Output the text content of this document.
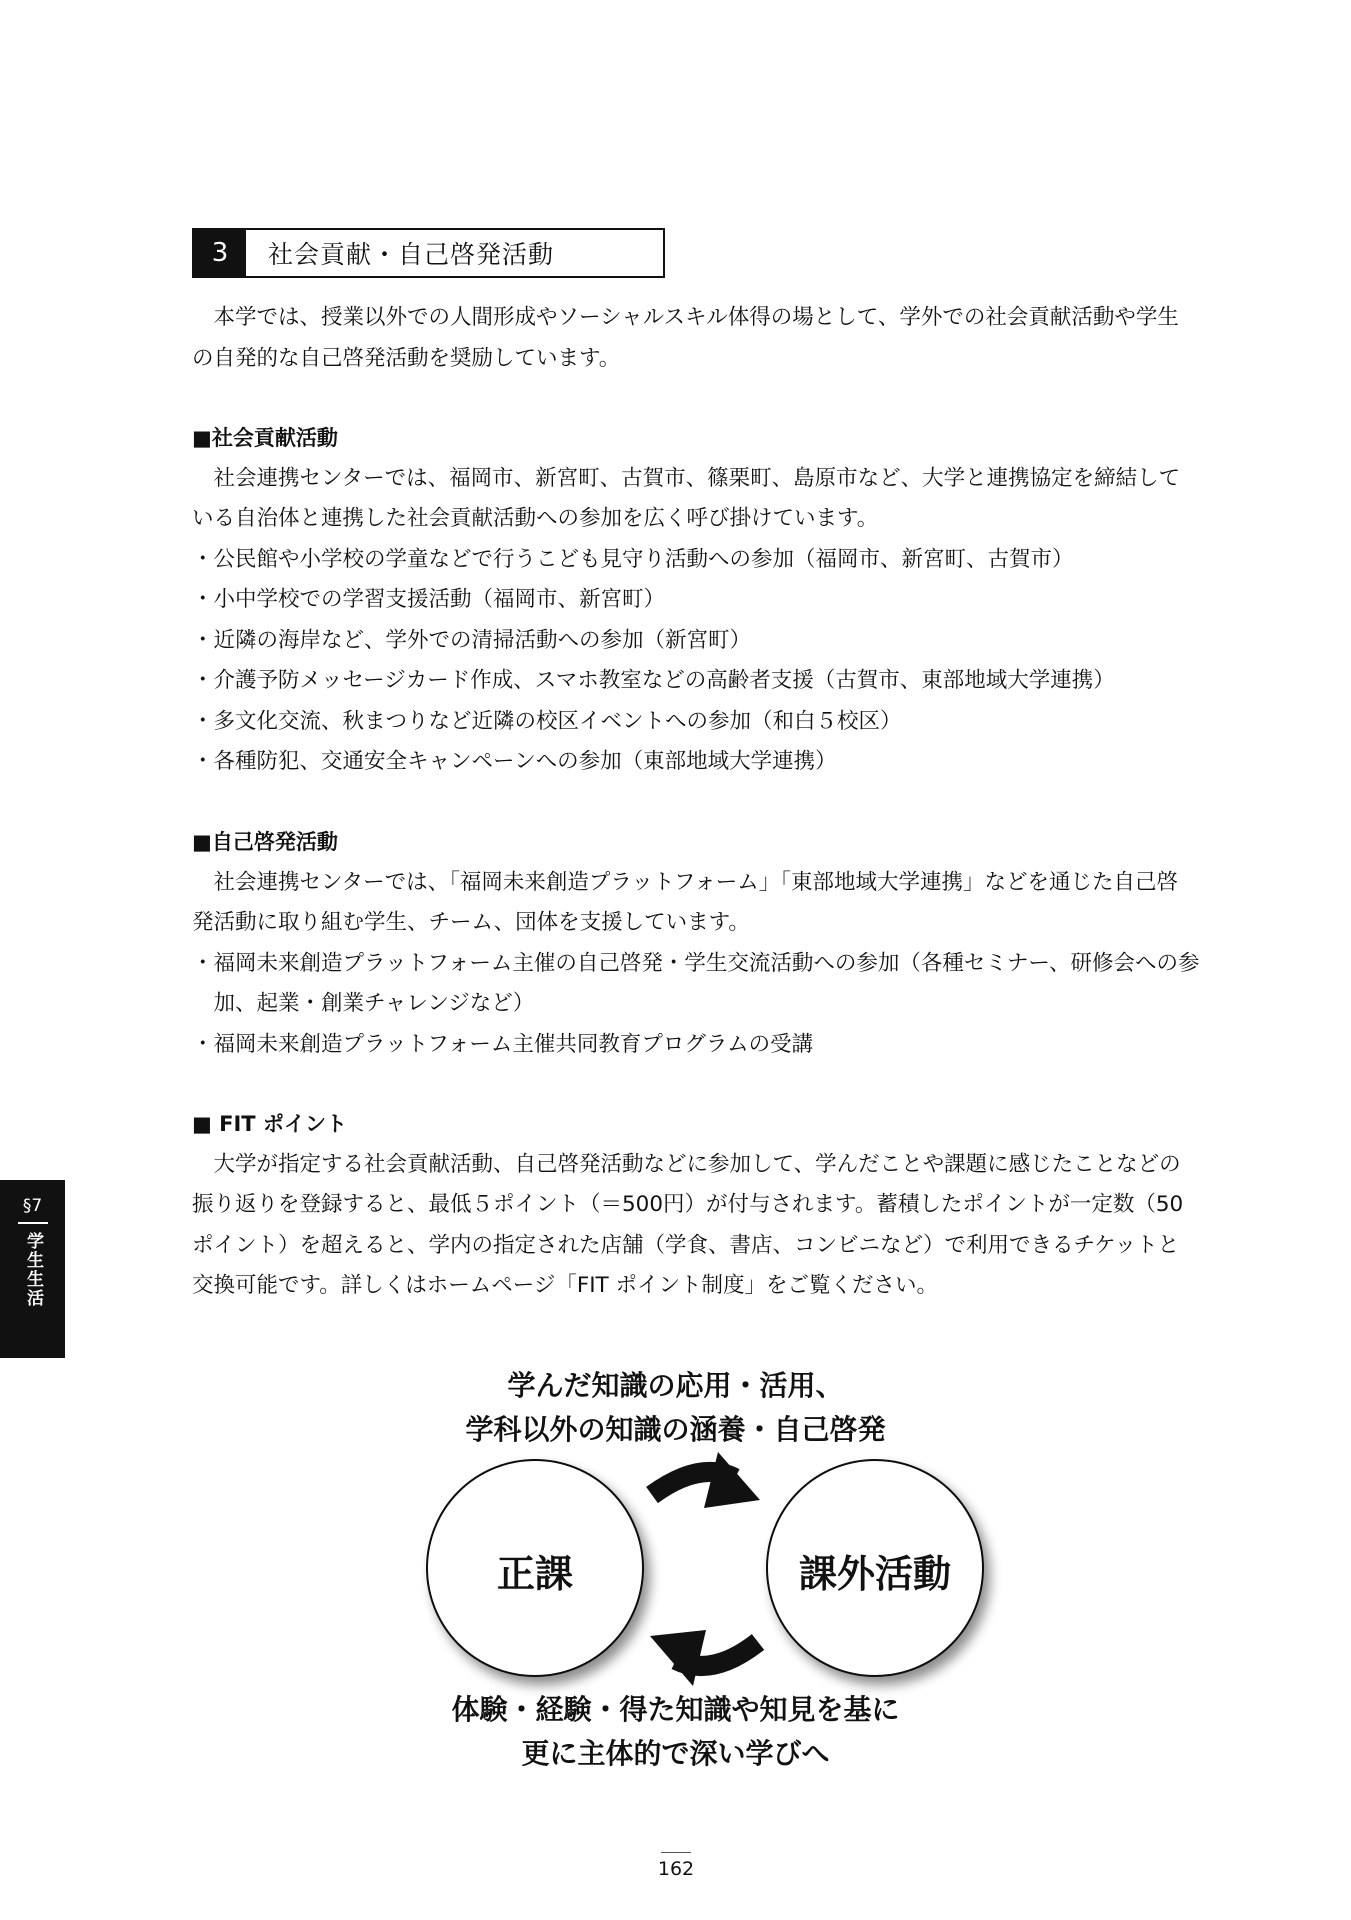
3	社会貢献・自己啓発活動

本学では、授業以外での人間形成やソーシャルスキル体得の場として、学外での社会貢献活動や学生

の自発的な自己啓発活動を奨励しています。

■社会貢献活動

社会連携センターでは、福岡市、新宮町、古賀市、篠栗町、島原市など、大学と連携協定を締結して

いる自治体と連携した社会貢献活動への参加を広く呼び掛けています。

・公民館や小学校の学童などで行うこども見守り活動への参加（福岡市、新宮町、古賀市）

・小中学校での学習支援活動（福岡市、新宮町）

・近隣の海岸など、学外での清掃活動への参加（新宮町）

・介護予防メッセージカード作成、スマホ教室などの高齢者支援（古賀市、東部地域大学連携）

・多文化交流、秋まつりなど近隣の校区イベントへの参加（和白５校区）

・各種防犯、交通安全キャンペーンへの参加（東部地域大学連携）

■自己啓発活動

社会連携センターでは、「福岡未来創造プラットフォーム」「東部地域大学連携」などを通じた自己啓

発活動に取り組む学生、チーム、団体を支援しています。

・福岡未来創造プラットフォーム主催の自己啓発・学生交流活動への参加（各種セミナー、研修会への参加、起業・創業チャレンジなど）

・福岡未来創造プラットフォーム主催共同教育プログラムの受講

■ FIT ポイント

大学が指定する社会貢献活動、自己啓発活動などに参加して、学んだことや課題に感じたことなどの

振り返りを登録すると、最低５ポイント（＝500円）が付与されます。蓄積したポイントが一定数（50

ポイント）を超えると、学内の指定された店舗（学食、書店、コンビニなど）で利用できるチケットと

交換可能です。詳しくはホームページ「FIT ポイント制度」をご覧ください。

§7
学生生活
学んだ知識の応用・活用、
学科以外の知識の涵養・自己啓発
正課	課外活動
体験・経験・得た知識や知見を基に
更に主体的で深い学びへ
162
